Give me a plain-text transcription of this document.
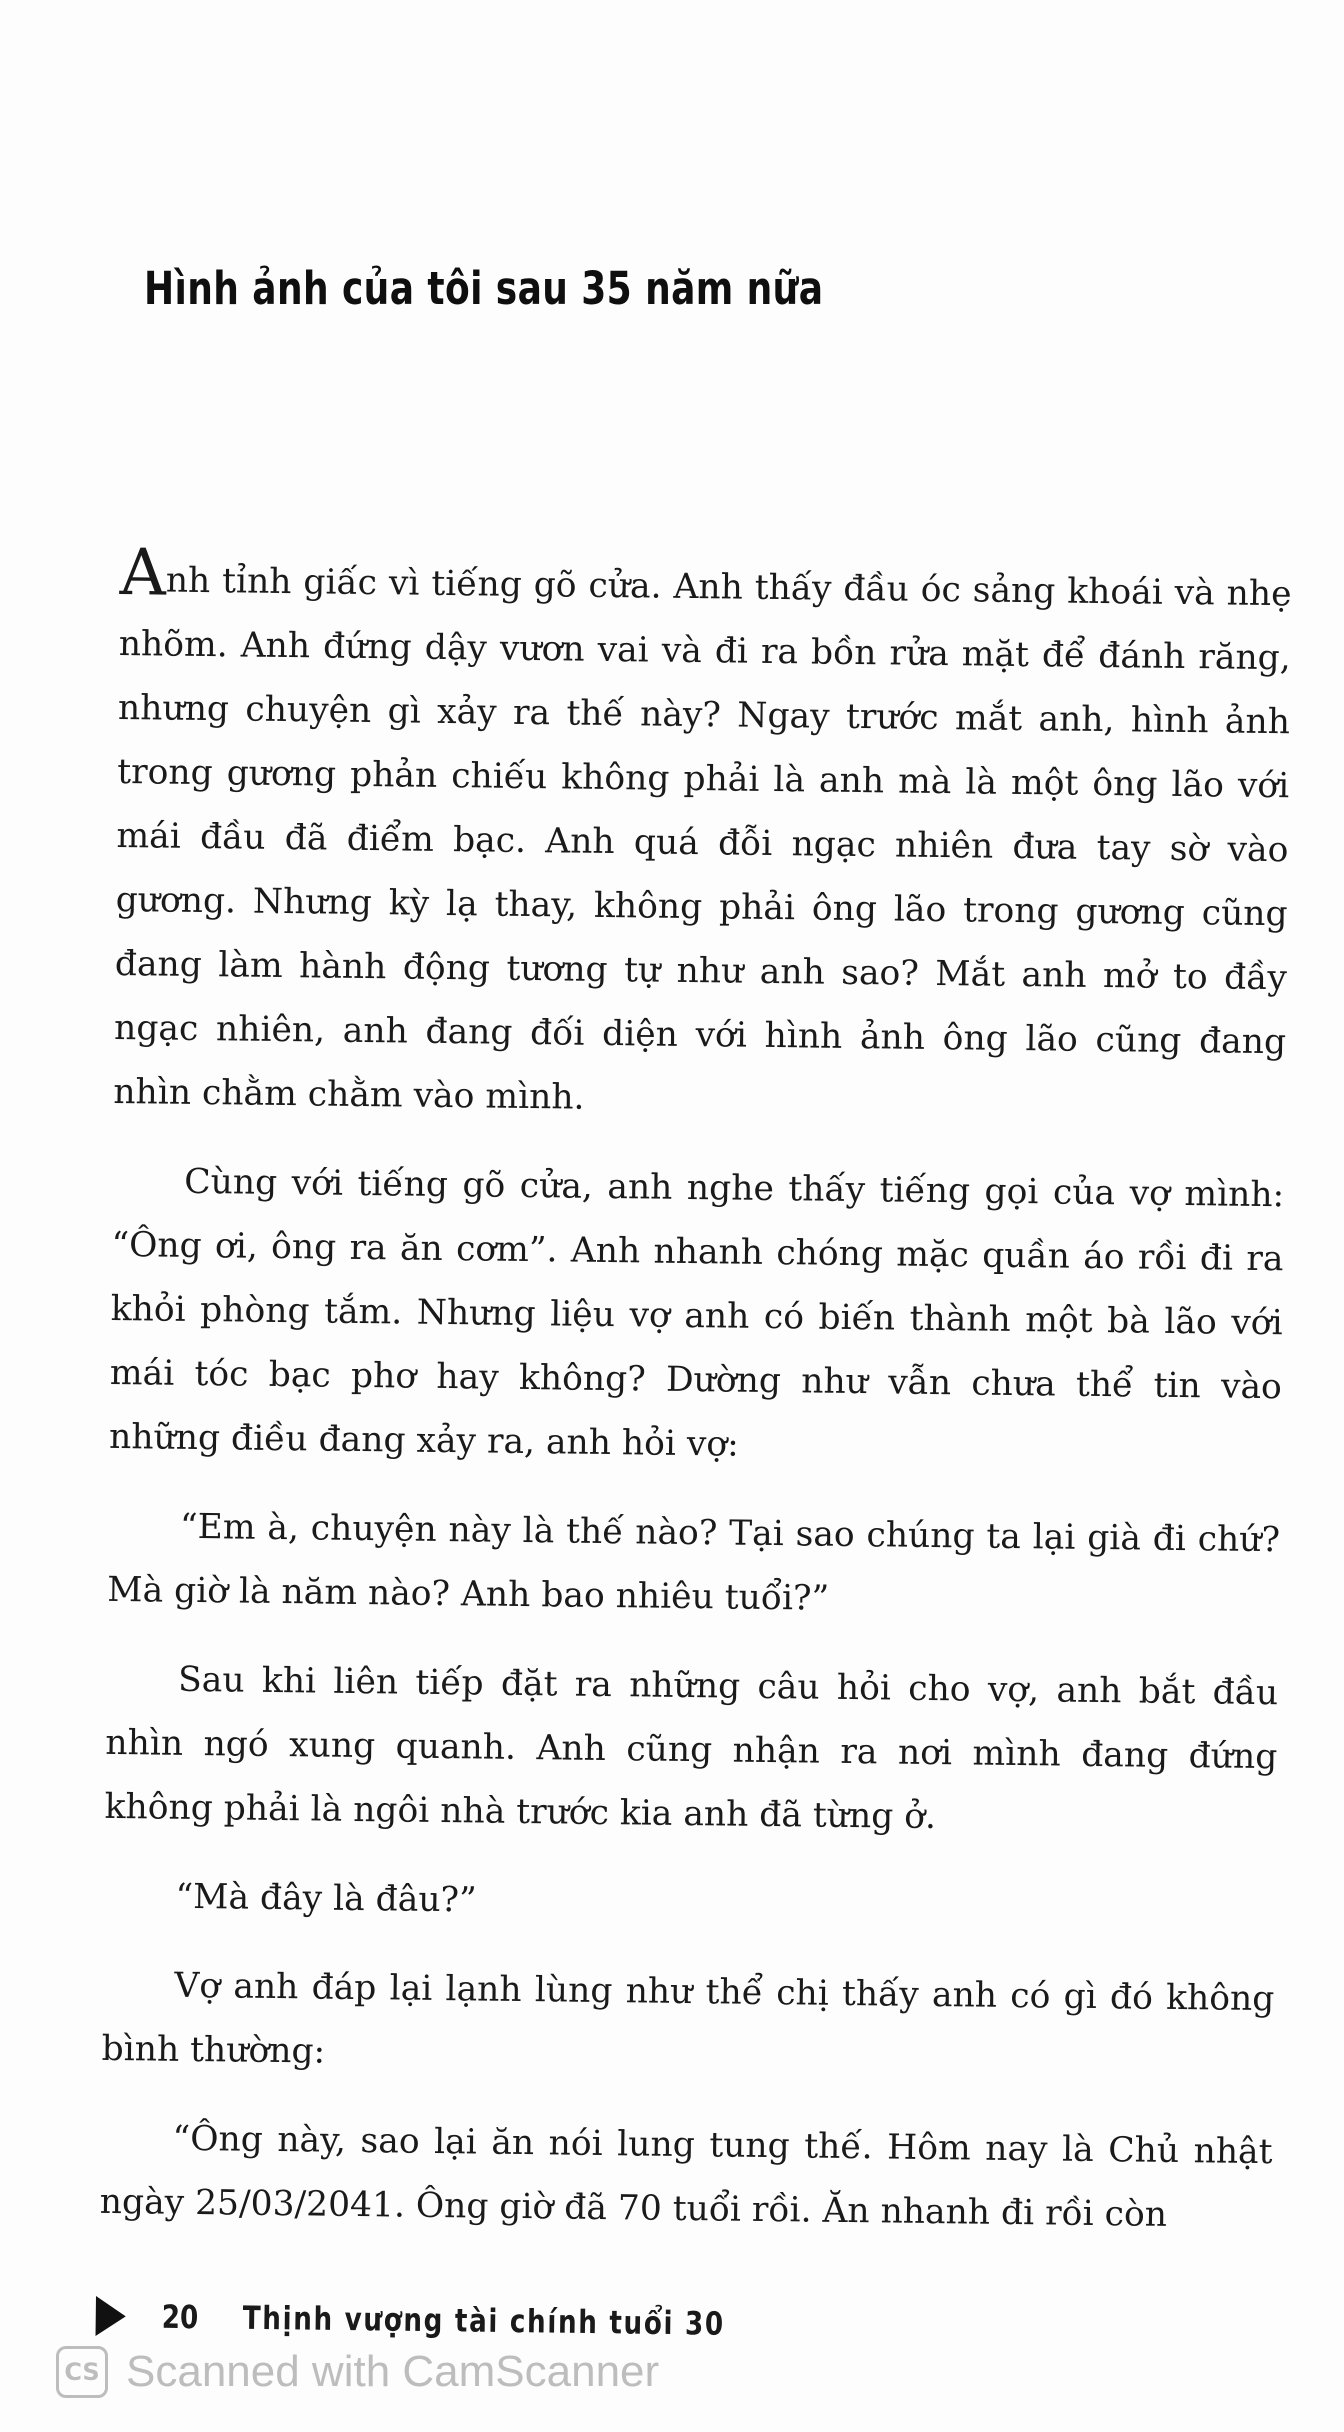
Hình ảnh của tôi sau 35 năm nữa

Anh tỉnh giấc vì tiếng gõ cửa. Anh thấy đầu óc sảng khoái và nhẹ nhõm. Anh đứng dậy vươn vai và đi ra bồn rửa mặt để đánh răng, nhưng chuyện gì xảy ra thế này? Ngay trước mắt anh, hình ảnh trong gương phản chiếu không phải là anh mà là một ông lão với mái đầu đã điểm bạc. Anh quá đỗi ngạc nhiên đưa tay sờ vào gương. Nhưng kỳ lạ thay, không phải ông lão trong gương cũng đang làm hành động tương tự như anh sao? Mắt anh mở to đầy ngạc nhiên, anh đang đối diện với hình ảnh ông lão cũng đang nhìn chằm chằm vào mình.

Cùng với tiếng gõ cửa, anh nghe thấy tiếng gọi của vợ mình: “Ông ơi, ông ra ăn cơm”. Anh nhanh chóng mặc quần áo rồi đi ra khỏi phòng tắm. Nhưng liệu vợ anh có biến thành một bà lão với mái tóc bạc phơ hay không? Dường như vẫn chưa thể tin vào những điều đang xảy ra, anh hỏi vợ:

“Em à, chuyện này là thế nào? Tại sao chúng ta lại già đi chứ? Mà giờ là năm nào? Anh bao nhiêu tuổi?”

Sau khi liên tiếp đặt ra những câu hỏi cho vợ, anh bắt đầu nhìn ngó xung quanh. Anh cũng nhận ra nơi mình đang đứng không phải là ngôi nhà trước kia anh đã từng ở.

“Mà đây là đâu?”

Vợ anh đáp lại lạnh lùng như thể chị thấy anh có gì đó không bình thường:

“Ông này, sao lại ăn nói lung tung thế. Hôm nay là Chủ nhật ngày 25/03/2041. Ông giờ đã 70 tuổi rồi. Ăn nhanh đi rồi còn

20 Thịnh vượng tài chính tuổi 30
CS Scanned with CamScanner
